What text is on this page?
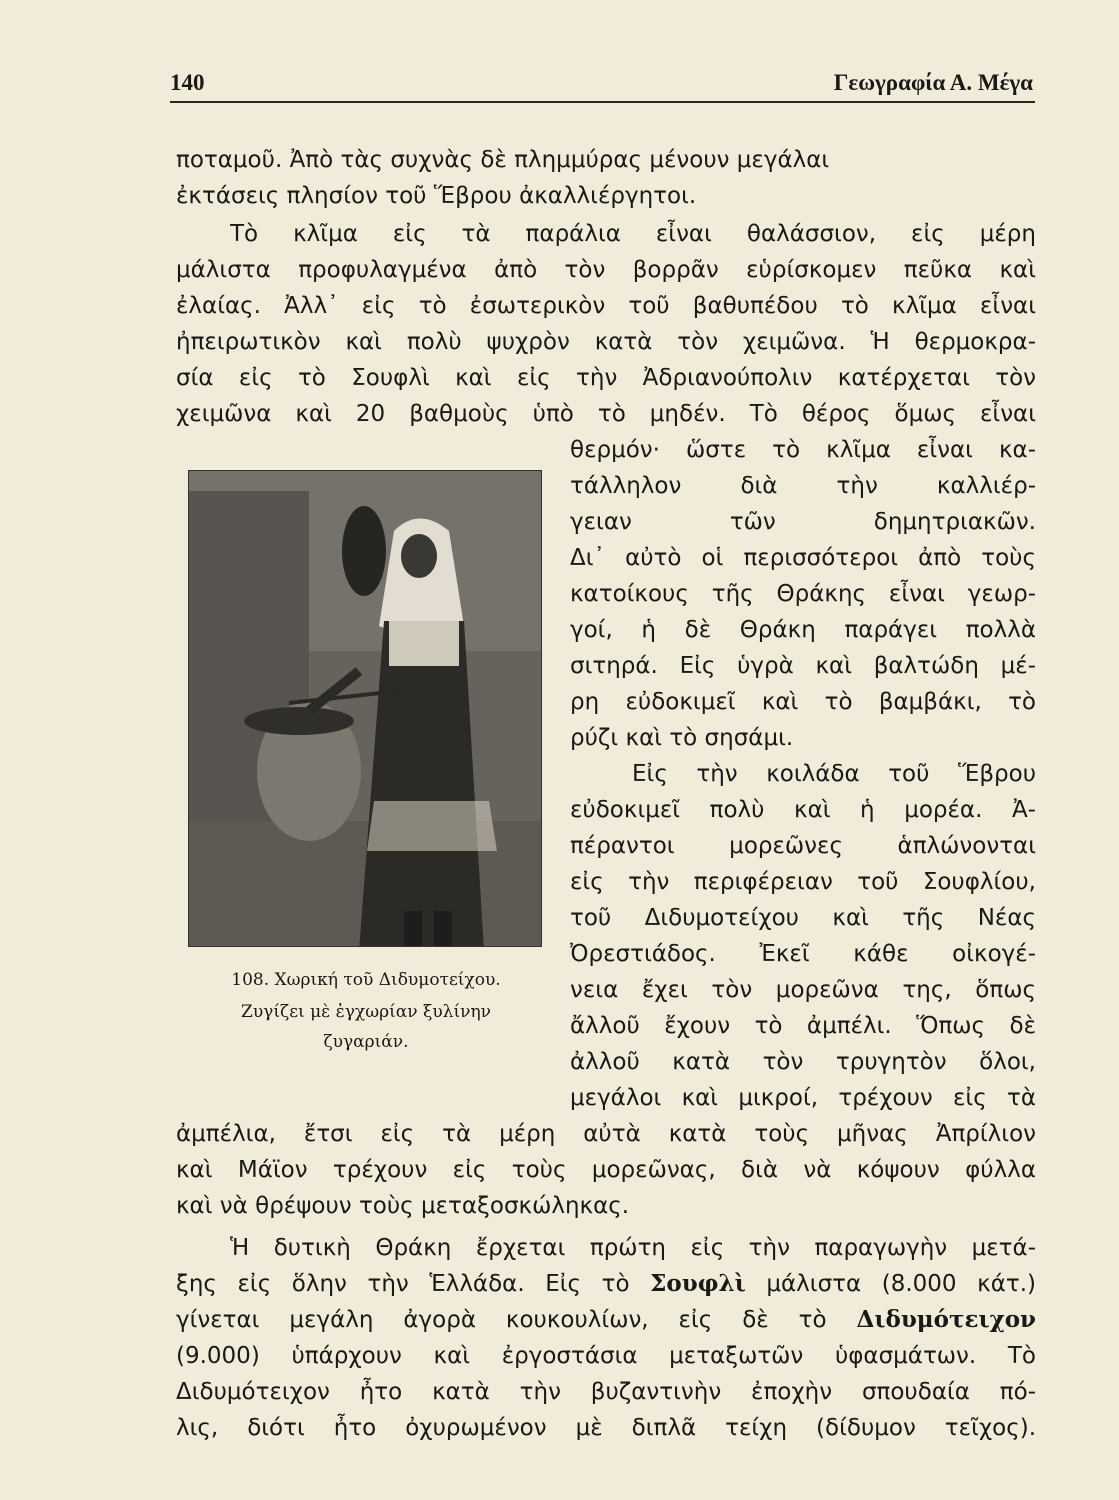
140	Γεωγραφία Α. Μέγα
ποταμοῦ. Ἀπὸ τὰς συχνὰς δὲ πλημμύρας μένουν μεγάλαι
ἐκτάσεις πλησίον τοῦ Ἕβρου ἀκαλλιέργητοι.
Τὸ κλῖμα εἰς τὰ παράλια εἶναι θαλάσσιον, εἰς μέρη
μάλιστα προφυλαγμένα ἀπὸ τὸν βορρᾶν εὑρίσκομεν πεῦκα καὶ
ἐλαίας. Ἀλλ᾽ εἰς τὸ ἐσωτερικὸν τοῦ βαθυπέδου τὸ κλῖμα εἶναι
ἠπειρωτικὸν καὶ πολὺ ψυχρὸν κατὰ τὸν χειμῶνα. Ἡ θερμοκρα-
σία εἰς τὸ Σουφλὶ καὶ εἰς τὴν Ἀδριανούπολιν κατέρχεται τὸν
χειμῶνα καὶ 20 βαθμοὺς ὑπὸ τὸ μηδέν. Τὸ θέρος ὅμως εἶναι
108. Χωρική τοῦ Διδυμοτείχου.
Ζυγίζει μὲ ἐγχωρίαν ξυλίνην
ζυγαριάν.
θερμόν· ὥστε τὸ κλῖμα εἶναι κα-
τάλληλον διὰ τὴν καλλιέρ-
γειαν τῶν δημητριακῶν.
Δι᾽ αὐτὸ οἱ περισσότεροι ἀπὸ τοὺς
κατοίκους τῆς Θράκης εἶναι γεωρ-
γοί, ἡ δὲ Θράκη παράγει πολλὰ
σιτηρά. Εἰς ὑγρὰ καὶ βαλτώδη μέ-
ρη εὐδοκιμεῖ καὶ τὸ βαμβάκι, τὸ
ρύζι καὶ τὸ σησάμι.
Εἰς τὴν κοιλάδα τοῦ Ἕβρου
εὐδοκιμεῖ πολὺ καὶ ἡ μορέα. Ἀ-
πέραντοι μορεῶνες ἁπλώνονται
εἰς τὴν περιφέρειαν τοῦ Σουφλίου,
τοῦ Διδυμοτείχου καὶ τῆς Νέας
Ὀρεστιάδος. Ἐκεῖ κάθε οἰκογέ-
νεια ἔχει τὸν μορεῶνα της, ὅπως
ἄλλοῦ ἔχουν τὸ ἀμπέλι. Ὅπως δὲ
ἀλλοῦ κατὰ τὸν τρυγητὸν ὅλοι,
μεγάλοι καὶ μικροί, τρέχουν εἰς τὰ
ἀμπέλια, ἔτσι εἰς τὰ μέρη αὐτὰ κατὰ τοὺς μῆνας Ἀπρίλιον
καὶ Μάϊον τρέχουν εἰς τοὺς μορεῶνας, διὰ νὰ κόψουν φύλλα
καὶ νὰ θρέψουν τοὺς μεταξοσκώληκας.
Ἡ δυτικὴ Θράκη ἔρχεται πρώτη εἰς τὴν παραγωγὴν μετά-
ξης εἰς ὅλην τὴν Ἑλλάδα. Εἰς τὸ Σουφλὶ μάλιστα (8.000 κάτ.)
γίνεται μεγάλη ἀγορὰ κουκουλίων, εἰς δὲ τὸ Διδυμότειχον
(9.000) ὑπάρχουν καὶ ἐργοστάσια μεταξωτῶν ὑφασμάτων. Τὸ
Διδυμότειχον ἦτο κατὰ τὴν βυζαντινὴν ἐποχὴν σπουδαία πό-
λις, διότι ἦτο ὀχυρωμένον μὲ διπλᾶ τείχη (δίδυμον τεῖχος).
